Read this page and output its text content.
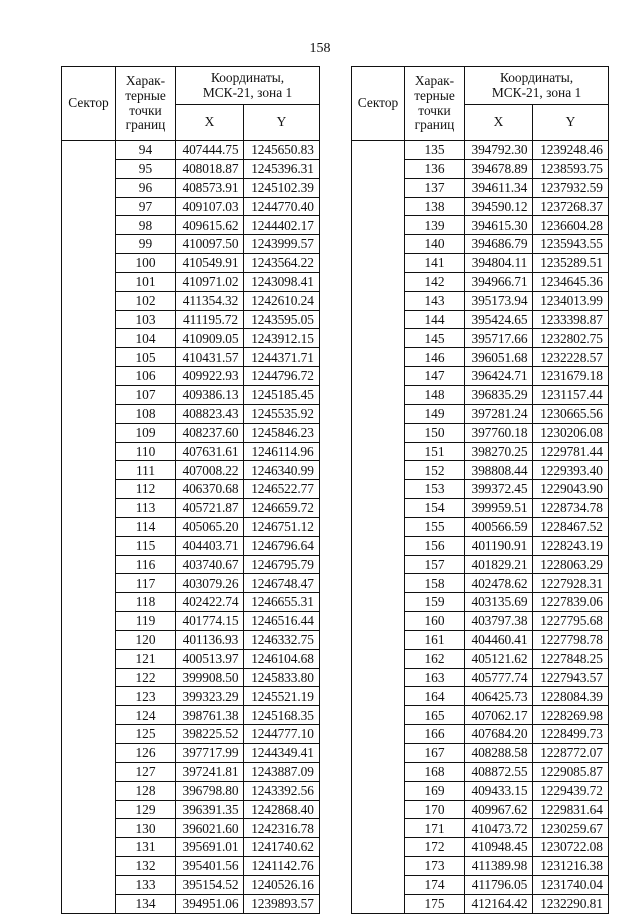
158
Сектор	Харак-
терные
точки
границ	Координаты,
МСК-21, зона 1	
		X	Y
	94	407444.75	1245650.83
	95	408018.87	1245396.31
	96	408573.91	1245102.39
	97	409107.03	1244770.40
	98	409615.62	1244402.17
	99	410097.50	1243999.57
	100	410549.91	1243564.22
	101	410971.02	1243098.41
	102	411354.32	1242610.24
	103	411195.72	1243595.05
	104	410909.05	1243912.15
	105	410431.57	1244371.71
	106	409922.93	1244796.72
	107	409386.13	1245185.45
	108	408823.43	1245535.92
	109	408237.60	1245846.23
	110	407631.61	1246114.96
	111	407008.22	1246340.99
	112	406370.68	1246522.77
	113	405721.87	1246659.72
	114	405065.20	1246751.12
	115	404403.71	1246796.64
	116	403740.67	1246795.79
	117	403079.26	1246748.47
	118	402422.74	1246655.31
	119	401774.15	1246516.44
	120	401136.93	1246332.75
	121	400513.97	1246104.68
	122	399908.50	1245833.80
	123	399323.29	1245521.19
	124	398761.38	1245168.35
	125	398225.52	1244777.10
	126	397717.99	1244349.41
	127	397241.81	1243887.09
	128	396798.80	1243392.56
	129	396391.35	1242868.40
	130	396021.60	1242316.78
	131	395691.01	1241740.62
	132	395401.56	1241142.76
	133	395154.52	1240526.16
	134	394951.06	1239893.57
Сектор	Харак-
терные
точки
границ	Координаты,
МСК-21, зона 1	
		X	Y
	135	394792.30	1239248.46
	136	394678.89	1238593.75
	137	394611.34	1237932.59
	138	394590.12	1237268.37
	139	394615.30	1236604.28
	140	394686.79	1235943.55
	141	394804.11	1235289.51
	142	394966.71	1234645.36
	143	395173.94	1234013.99
	144	395424.65	1233398.87
	145	395717.66	1232802.75
	146	396051.68	1232228.57
	147	396424.71	1231679.18
	148	396835.29	1231157.44
	149	397281.24	1230665.56
	150	397760.18	1230206.08
	151	398270.25	1229781.44
	152	398808.44	1229393.40
	153	399372.45	1229043.90
	154	399959.51	1228734.78
	155	400566.59	1228467.52
	156	401190.91	1228243.19
	157	401829.21	1228063.29
	158	402478.62	1227928.31
	159	403135.69	1227839.06
	160	403797.38	1227795.68
	161	404460.41	1227798.78
	162	405121.62	1227848.25
	163	405777.74	1227943.57
	164	406425.73	1228084.39
	165	407062.17	1228269.98
	166	407684.20	1228499.73
	167	408288.58	1228772.07
	168	408872.55	1229085.87
	169	409433.15	1229439.72
	170	409967.62	1229831.64
	171	410473.72	1230259.67
	172	410948.45	1230722.08
	173	411389.98	1231216.38
	174	411796.05	1231740.04
	175	412164.42	1232290.81
